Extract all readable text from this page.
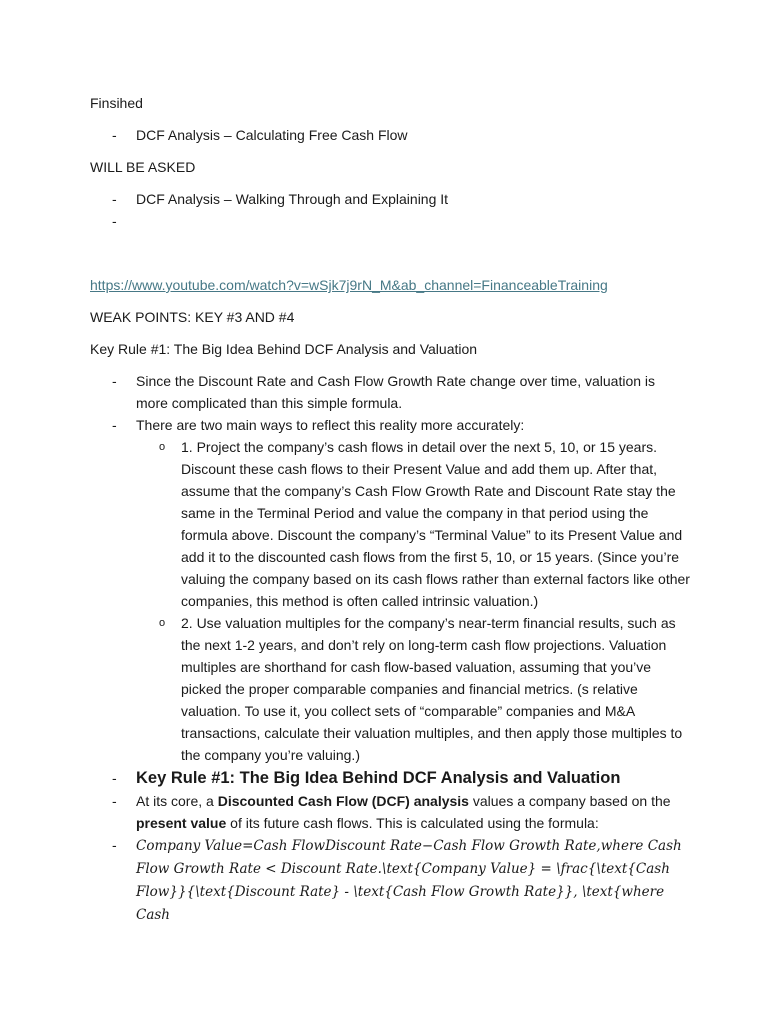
Finsihed

- DCF Analysis – Calculating Free Cash Flow

WILL BE ASKED

- DCF Analysis – Walking Through and Explaining It
-

https://www.youtube.com/watch?v=wSjk7j9rN_M&ab_channel=FinanceableTraining

WEAK POINTS: KEY #3 AND #4

Key Rule #1: The Big Idea Behind DCF Analysis and Valuation

- Since the Discount Rate and Cash Flow Growth Rate change over time, valuation is more complicated than this simple formula.
- There are two main ways to reflect this reality more accurately:
o 1. Project the company’s cash flows in detail over the next 5, 10, or 15 years. Discount these cash flows to their Present Value and add them up. After that, assume that the company’s Cash Flow Growth Rate and Discount Rate stay the same in the Terminal Period and value the company in that period using the formula above. Discount the company’s “Terminal Value” to its Present Value and add it to the discounted cash flows from the first 5, 10, or 15 years. (Since you’re valuing the company based on its cash flows rather than external factors like other companies, this method is often called intrinsic valuation.)
o 2. Use valuation multiples for the company’s near-term financial results, such as the next 1-2 years, and don’t rely on long-term cash flow projections. Valuation multiples are shorthand for cash flow-based valuation, assuming that you’ve picked the proper comparable companies and financial metrics. (s relative valuation. To use it, you collect sets of “comparable” companies and M&A transactions, calculate their valuation multiples, and then apply those multiples to the company you’re valuing.)
- Key Rule #1: The Big Idea Behind DCF Analysis and Valuation
- At its core, a Discounted Cash Flow (DCF) analysis values a company based on the present value of its future cash flows. This is calculated using the formula:
- Company Value=Cash FlowDiscount Rate−Cash Flow Growth Rate,where Cash Flow Growth Rate < Discount Rate.\text{Company Value} = \frac{\text{Cash Flow}}{\text{Discount Rate} - \text{Cash Flow Growth Rate}}, \text{where Cash
